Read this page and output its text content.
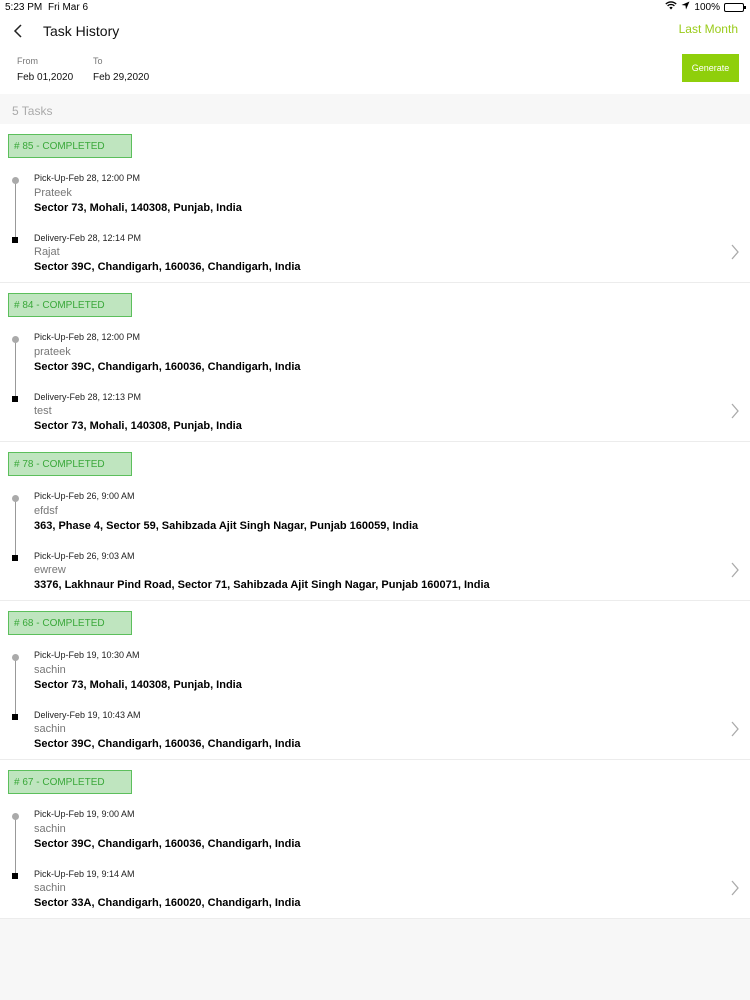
5:23 PM Fri Mar 6	100%
Task History	Last Month
From
Feb 01,2020
To
Feb 29,2020
Generate
5 Tasks
# 85 - COMPLETED
Pick-Up-Feb 28, 12:00 PM
Prateek
Sector 73, Mohali, 140308, Punjab, India
Delivery-Feb 28, 12:14 PM
Rajat
Sector 39C, Chandigarh, 160036, Chandigarh, India
# 84 - COMPLETED
Pick-Up-Feb 28, 12:00 PM
prateek
Sector 39C, Chandigarh, 160036, Chandigarh, India
Delivery-Feb 28, 12:13 PM
test
Sector 73, Mohali, 140308, Punjab, India
# 78 - COMPLETED
Pick-Up-Feb 26, 9:00 AM
efdsf
363, Phase 4, Sector 59, Sahibzada Ajit Singh Nagar, Punjab 160059, India
Pick-Up-Feb 26, 9:03 AM
ewrew
3376, Lakhnaur Pind Road, Sector 71, Sahibzada Ajit Singh Nagar, Punjab 160071, India
# 68 - COMPLETED
Pick-Up-Feb 19, 10:30 AM
sachin
Sector 73, Mohali, 140308, Punjab, India
Delivery-Feb 19, 10:43 AM
sachin
Sector 39C, Chandigarh, 160036, Chandigarh, India
# 67 - COMPLETED
Pick-Up-Feb 19, 9:00 AM
sachin
Sector 39C, Chandigarh, 160036, Chandigarh, India
Pick-Up-Feb 19, 9:14 AM
sachin
Sector 33A, Chandigarh, 160020, Chandigarh, India
